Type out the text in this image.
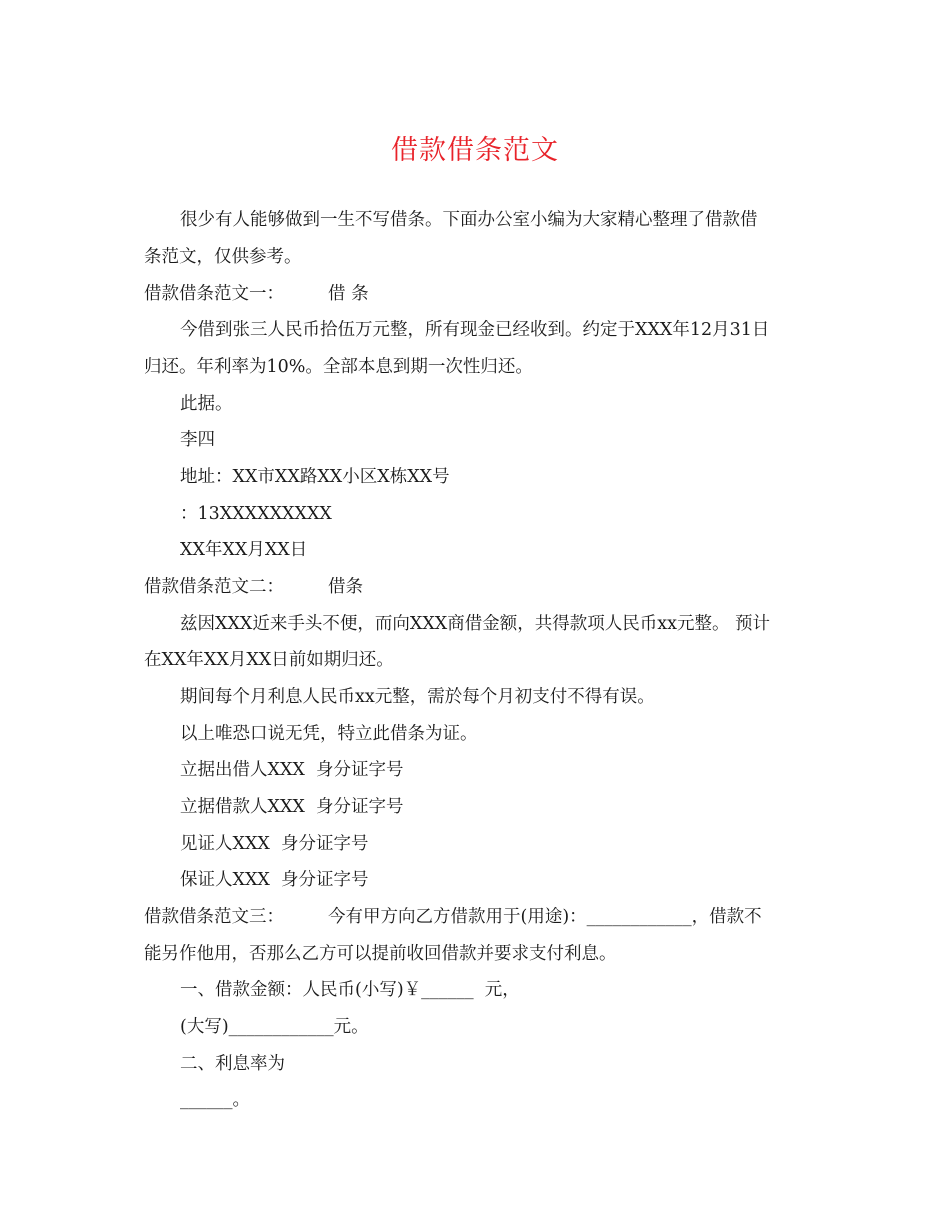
借款借条范文
很少有人能够做到一生不写借条。下面办公室小编为大家精心整理了借款借
条范文，仅供参考。
借款借条范文一：	借 条
今借到张三人民币拾伍万元整，所有现金已经收到。约定于XXX年12月31日
归还。年利率为10%。全部本息到期一次性归还。
此据。
李四
地址：XX市XX路XX小区X栋XX号
：13XXXXXXXXX
XX年XX月XX日
借款借条范文二：	借条
兹因XXX近来手头不便，而向XXX商借金额，共得款项人民币xx元整。 预计
在XX年XX月XX日前如期归还。
期间每个月利息人民币xx元整，需於每个月初支付不得有误。
以上唯恐口说无凭，特立此借条为证。
立据出借人XXX  身分证字号
立据借款人XXX  身分证字号
见证人XXX  身分证字号
保证人XXX  身分证字号
借款借条范文三：	今有甲方向乙方借款用于(用途)：____________，借款不
能另作他用，否那么乙方可以提前收回借款并要求支付利息。
一、借款金额：人民币(小写)￥______  元，
(大写)____________元。
二、利息率为
______。
